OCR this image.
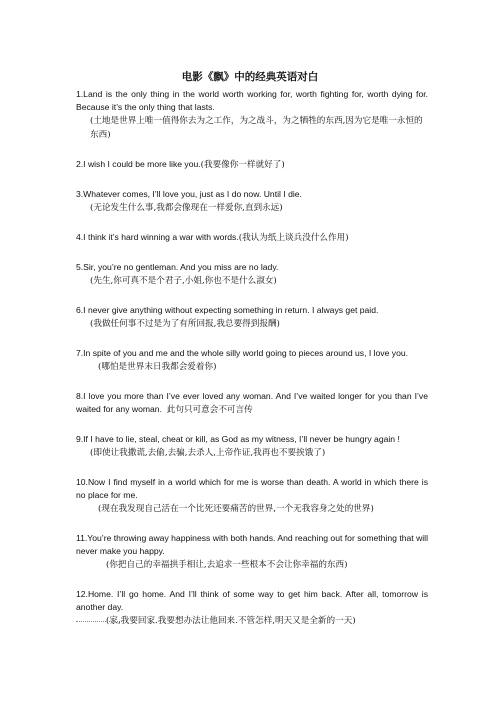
电影《飘》中的经典英语对白

1.Land is the only thing in the world worth working for, worth fighting for, worth dying for. Because it’s the only thing that lasts.

(土地是世界上唯一值得你去为之工作，为之战斗，为之牺牲的东西,因为它是唯一永恒的东西)

2.I wish I could be more like you.(我要像你一样就好了)

3.Whatever comes, I’ll love you, just as I do now. Until I die.

(无论发生什么事,我都会像现在一样爱你,直到永远)

4.I think it’s hard winning a war with words.(我认为纸上谈兵没什么作用)

5.Sir, you’re no gentleman. And you miss are no lady.

(先生,你可真不是个君子,小姐,你也不是什么淑女)

6.I never give anything without expecting something in return. I always get paid.

(我做任何事不过是为了有所回报,我总要得到报酬)

7.In spite of you and me and the whole silly world going to pieces around us, I love you.

(哪怕是世界末日我都会爱着你)

8.I love you more than I’ve ever loved any woman. And I’ve waited longer for you than I’ve waited for any woman. 此句只可意会不可言传

9.If I have to lie, steal, cheat or kill, as God as my witness, I’ll never be hungry again !

(即使让我撒谎,去偷,去骗,去杀人,上帝作证,我再也不要挨饿了)

10.Now I find myself in a world which for me is worse than death. A world in which there is no place for me.

(现在我发现自己活在一个比死还要痛苦的世界,一个无我容身之处的世界)

11.You’re throwing away happiness with both hands. And reaching out for something that will never make you happy.

(你把自己的幸福拱手相让,去追求一些根本不会让你幸福的东西)

12.Home. I’ll go home. And I’ll think of some way to get him back. After all, tomorrow is another day.

(家,我要回家.我要想办法让他回来.不管怎样,明天又是全新的一天)
